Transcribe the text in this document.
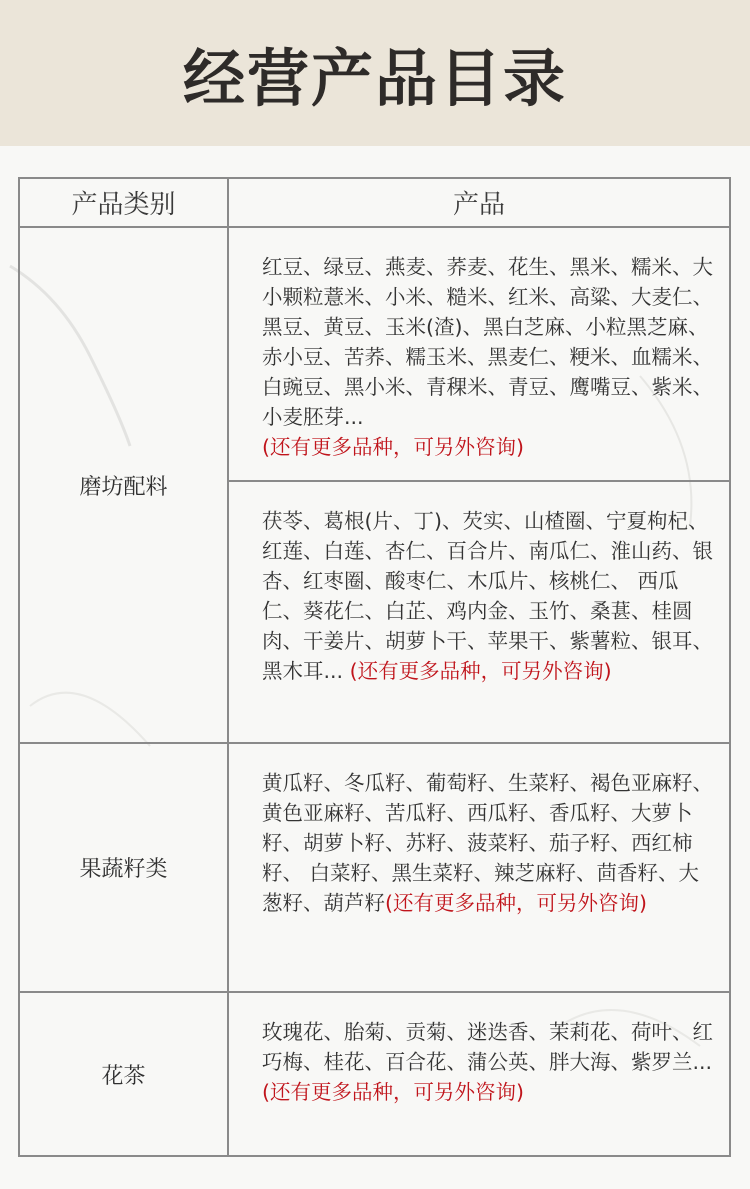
经营产品目录
产品类别	产品
磨坊配料	红豆、绿豆、燕麦、荞麦、花生、黑米、糯米、大小颗粒薏米、小米、糙米、红米、高粱、大麦仁、黑豆、黄豆、玉米(渣)、黑白芝麻、小粒黑芝麻、赤小豆、苦荞、糯玉米、黑麦仁、粳米、血糯米、白豌豆、黑小米、青稞米、青豆、鹰嘴豆、紫米、小麦胚芽...
(还有更多品种，可另外咨询)
	茯苓、葛根(片、丁)、芡实、山楂圈、宁夏枸杞、红莲、白莲、杏仁、百合片、南瓜仁、淮山药、银杏、红枣圈、酸枣仁、木瓜片、核桃仁、 西瓜仁、葵花仁、白芷、鸡内金、玉竹、桑葚、桂圆肉、干姜片、胡萝卜干、苹果干、紫薯粒、银耳、黑木耳... (还有更多品种，可另外咨询)
果蔬籽类	黄瓜籽、冬瓜籽、葡萄籽、生菜籽、褐色亚麻籽、黄色亚麻籽、苦瓜籽、西瓜籽、香瓜籽、大萝卜籽、胡萝卜籽、苏籽、菠菜籽、茄子籽、西红柿籽、 白菜籽、黑生菜籽、辣芝麻籽、茴香籽、大葱籽、葫芦籽(还有更多品种，可另外咨询)
花茶	玫瑰花、胎菊、贡菊、迷迭香、茉莉花、荷叶、红巧梅、桂花、百合花、蒲公英、胖大海、紫罗兰...(还有更多品种，可另外咨询)
